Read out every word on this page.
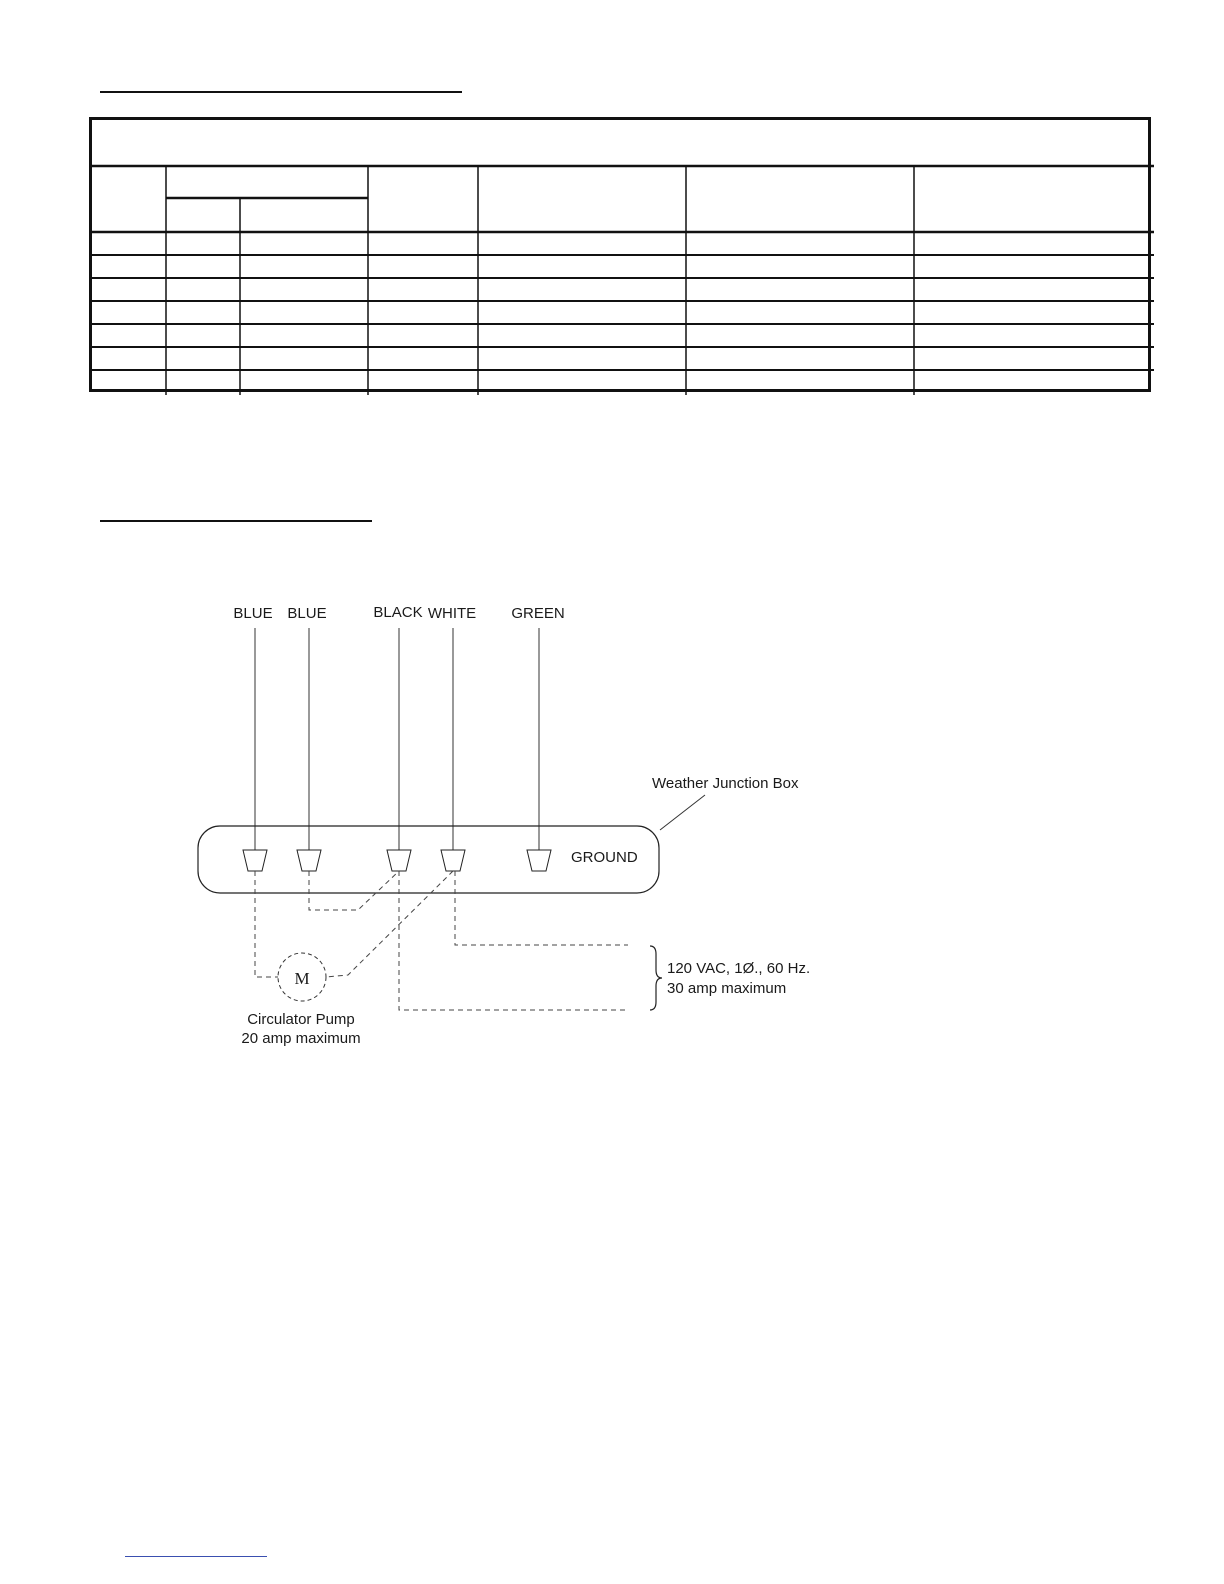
BLUE BLUE	BLACK WHITE GREEN
Weather Junction Box
GROUND
M
Circulator Pump
20 amp maximum
120 VAC, 1Ø., 60 Hz.
30 amp maximum
